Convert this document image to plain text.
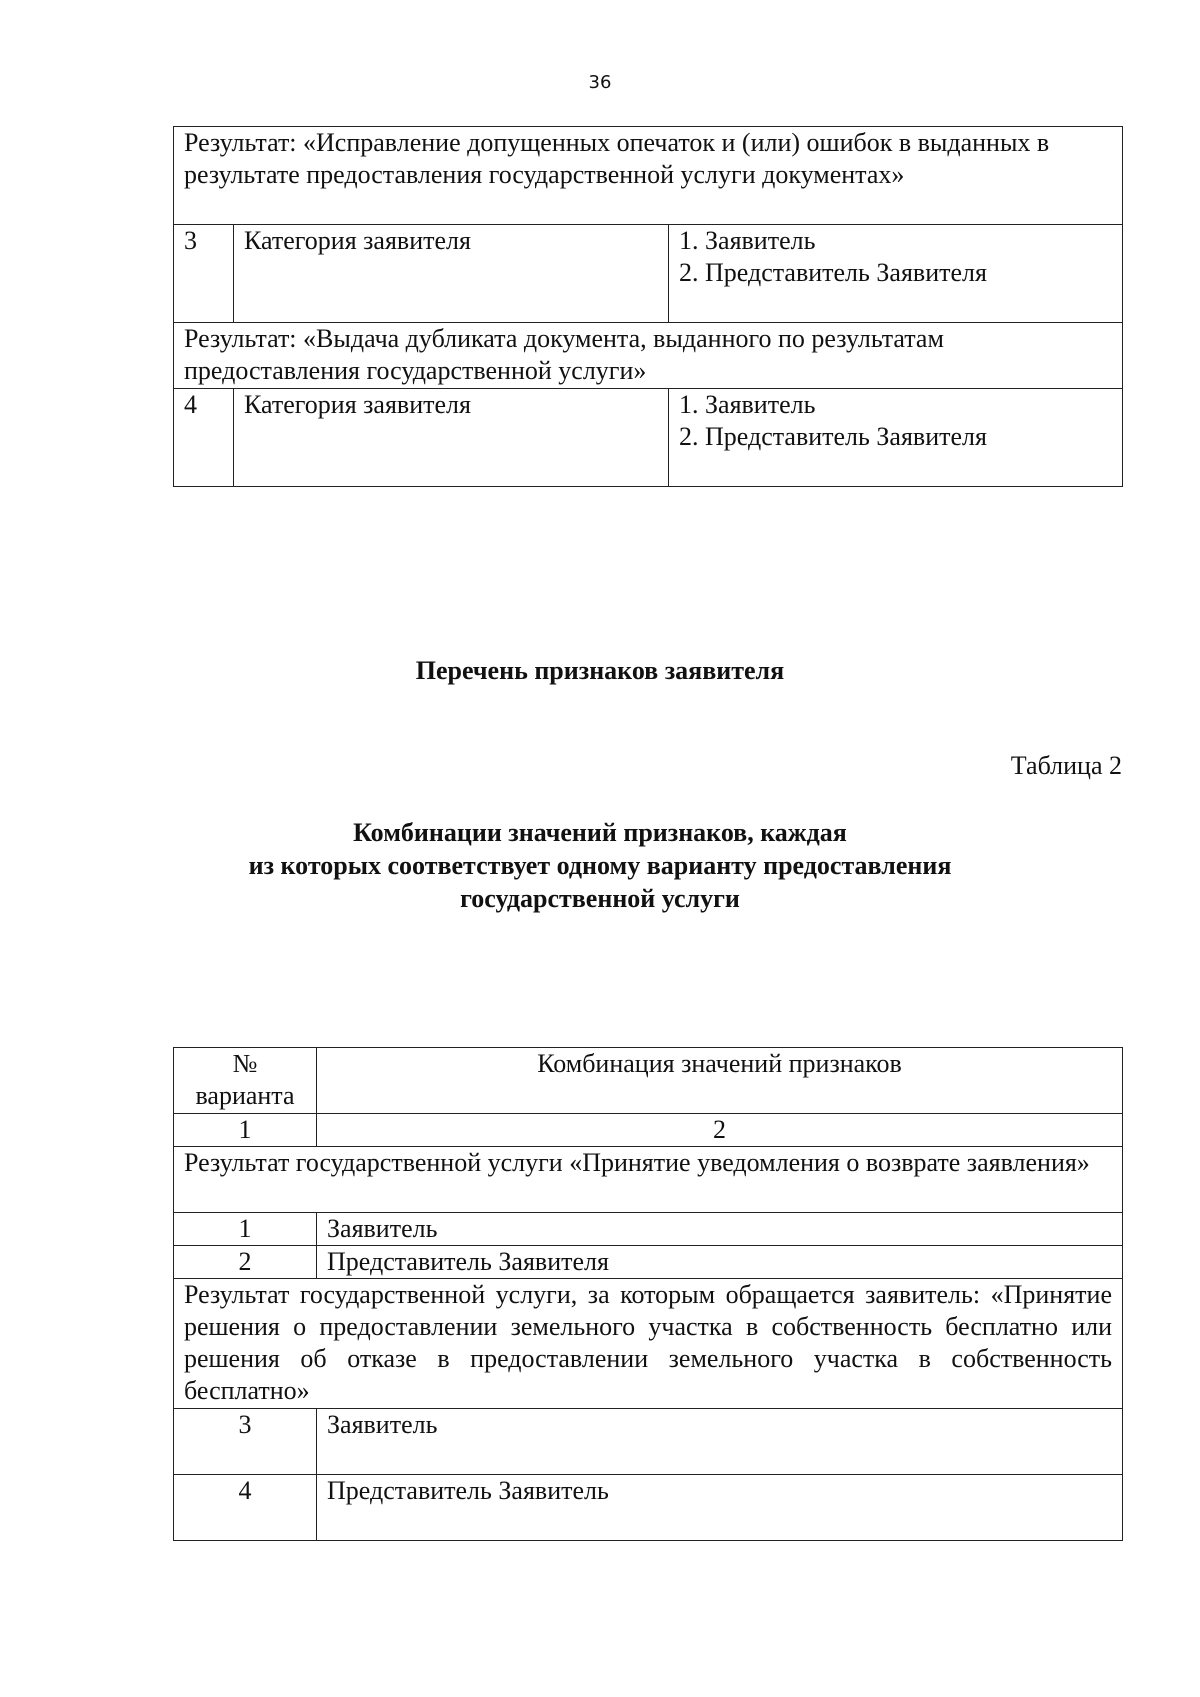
36
Результат: «Исправление допущенных опечаток и (или) ошибок в выданных в результате предоставления государственной услуги документах»		
3	Категория заявителя	1. Заявитель
2. Представитель Заявителя

Результат: «Выдача дубликата документа, выданного по результатам предоставления государственной услуги»		
4	Категория заявителя	1. Заявитель
2. Представитель Заявителя
Перечень признаков заявителя
Таблица 2
Комбинации значений признаков, каждая
из которых соответствует одному варианту предоставления
государственной услуги
№
варианта	Комбинация значений признаков
1	2
Результат государственной услуги «Принятие уведомления о возврате заявления»	
1	Заявитель
2	Представитель Заявителя
Результат государственной услуги, за которым обращается заявитель: «Принятие решения о предоставлении земельного участка в собственность бесплатно или решения об отказе в предоставлении земельного участка в собственность бесплатно»	
3	Заявитель
4	Представитель Заявитель
